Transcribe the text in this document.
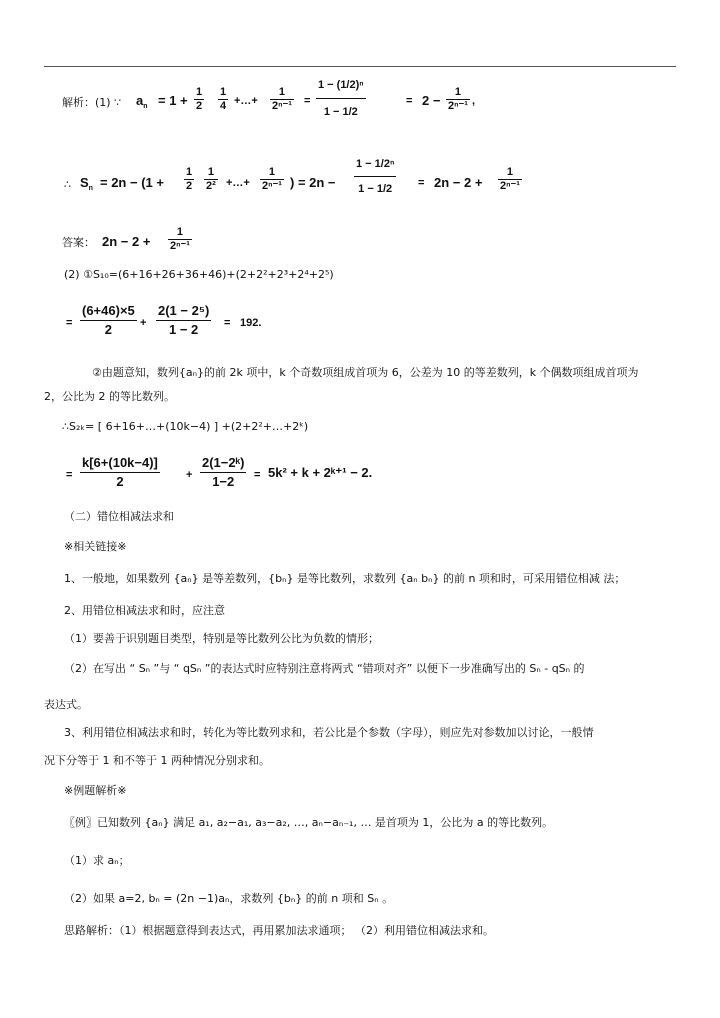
解析：(1) ∵ $a_n = 1 + \frac{1}{2} \frac{1}{4}$ +…+ $\frac{1}{\text{2ⁿ⁻¹}} = \frac{\text{1 − (1/2)ⁿ}}{1 - 1/2}$	= $2 - \frac{1}{\text{2ⁿ⁻¹}}$ ,
∴ $S_n = 2n - (1 + \frac{1}{2} \frac{1}{\text{2²}}$ +…+ $\frac{1}{\text{2ⁿ⁻¹}}$ ) = $2n - \frac{\text{1 − 1/2ⁿ}}{1 - 1/2} = 2n - 2 + \frac{1}{\text{2ⁿ⁻¹}}$
答案： $2n - 2 + \frac{1}{\text{2ⁿ⁻¹}}$
(2) ①S₁₀=(6+16+26+36+46)+(2+2²+2³+2⁴+2⁵)
= $\frac{(6+46)\times 5}{2} + \frac{\text{2(1 − 2⁵)}}{1 - 2} = 192$.
②由题意知，数列{aₙ}的前 2k 项中，k 个奇数项组成首项为 6，公差为 10 的等差数列，k 个偶数项组成首项为
2，公比为 2 的等比数列。
∴S₂ₖ= [ 6+16+…+(10k−4) ] +(2+2²+…+2ᵏ)
= $\frac{k[6+(10k-4)]}{2} + \frac{\text{2(1−2ᵏ)}}{1-2} = 5k^2 + k$ + 2ᵏ⁺¹ − 2.
（二）错位相减法求和
※相关链接※
1、一般地，如果数列 {aₙ} 是等差数列，{bₙ} 是等比数列，求数列 {aₙ bₙ} 的前 n 项和时，可采用错位相减 法；
2、用错位相减法求和时，应注意
（1）要善于识别题目类型，特别是等比数列公比为负数的情形；
（2）在写出 “ Sₙ ”与 “ qSₙ ”的表达式时应特别注意将两式 “错项对齐” 以便下一步准确写出的 Sₙ - qSₙ 的
表达式。
3、利用错位相减法求和时，转化为等比数列求和，若公比是个参数（字母），则应先对参数加以讨论，一般情
况下分等于 1 和不等于 1 两种情况分别求和。
※例题解析※
〖例〗已知数列 {aₙ} 满足 a₁, a₂−a₁, a₃−a₂, …, aₙ−aₙ₋₁, … 是首项为 1，公比为 a 的等比数列。
（1）求 aₙ；
（2）如果 a=2, bₙ = (2n −1)aₙ，求数列 {bₙ} 的前 n 项和 Sₙ 。
思路解析：（1）根据题意得到表达式，再用累加法求通项； （2）利用错位相减法求和。
